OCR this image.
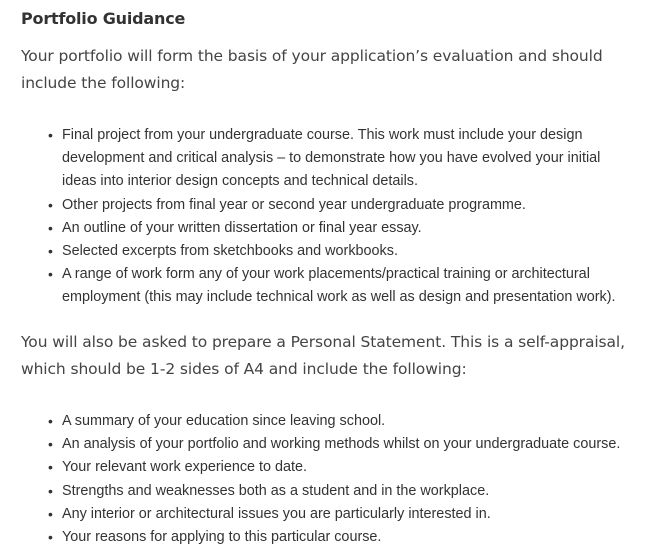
Portfolio Guidance

Your portfolio will form the basis of your application’s evaluation and should include the following:

• Final project from your undergraduate course. This work must include your design development and critical analysis – to demonstrate how you have evolved your initial ideas into interior design concepts and technical details.
• Other projects from final year or second year undergraduate programme.
• An outline of your written dissertation or final year essay.
• Selected excerpts from sketchbooks and workbooks.
• A range of work form any of your work placements/practical training or architectural employment (this may include technical work as well as design and presentation work).

You will also be asked to prepare a Personal Statement. This is a self-appraisal, which should be 1-2 sides of A4 and include the following:

• A summary of your education since leaving school.
• An analysis of your portfolio and working methods whilst on your undergraduate course.
• Your relevant work experience to date.
• Strengths and weaknesses both as a student and in the workplace.
• Any interior or architectural issues you are particularly interested in.
• Your reasons for applying to this particular course.
